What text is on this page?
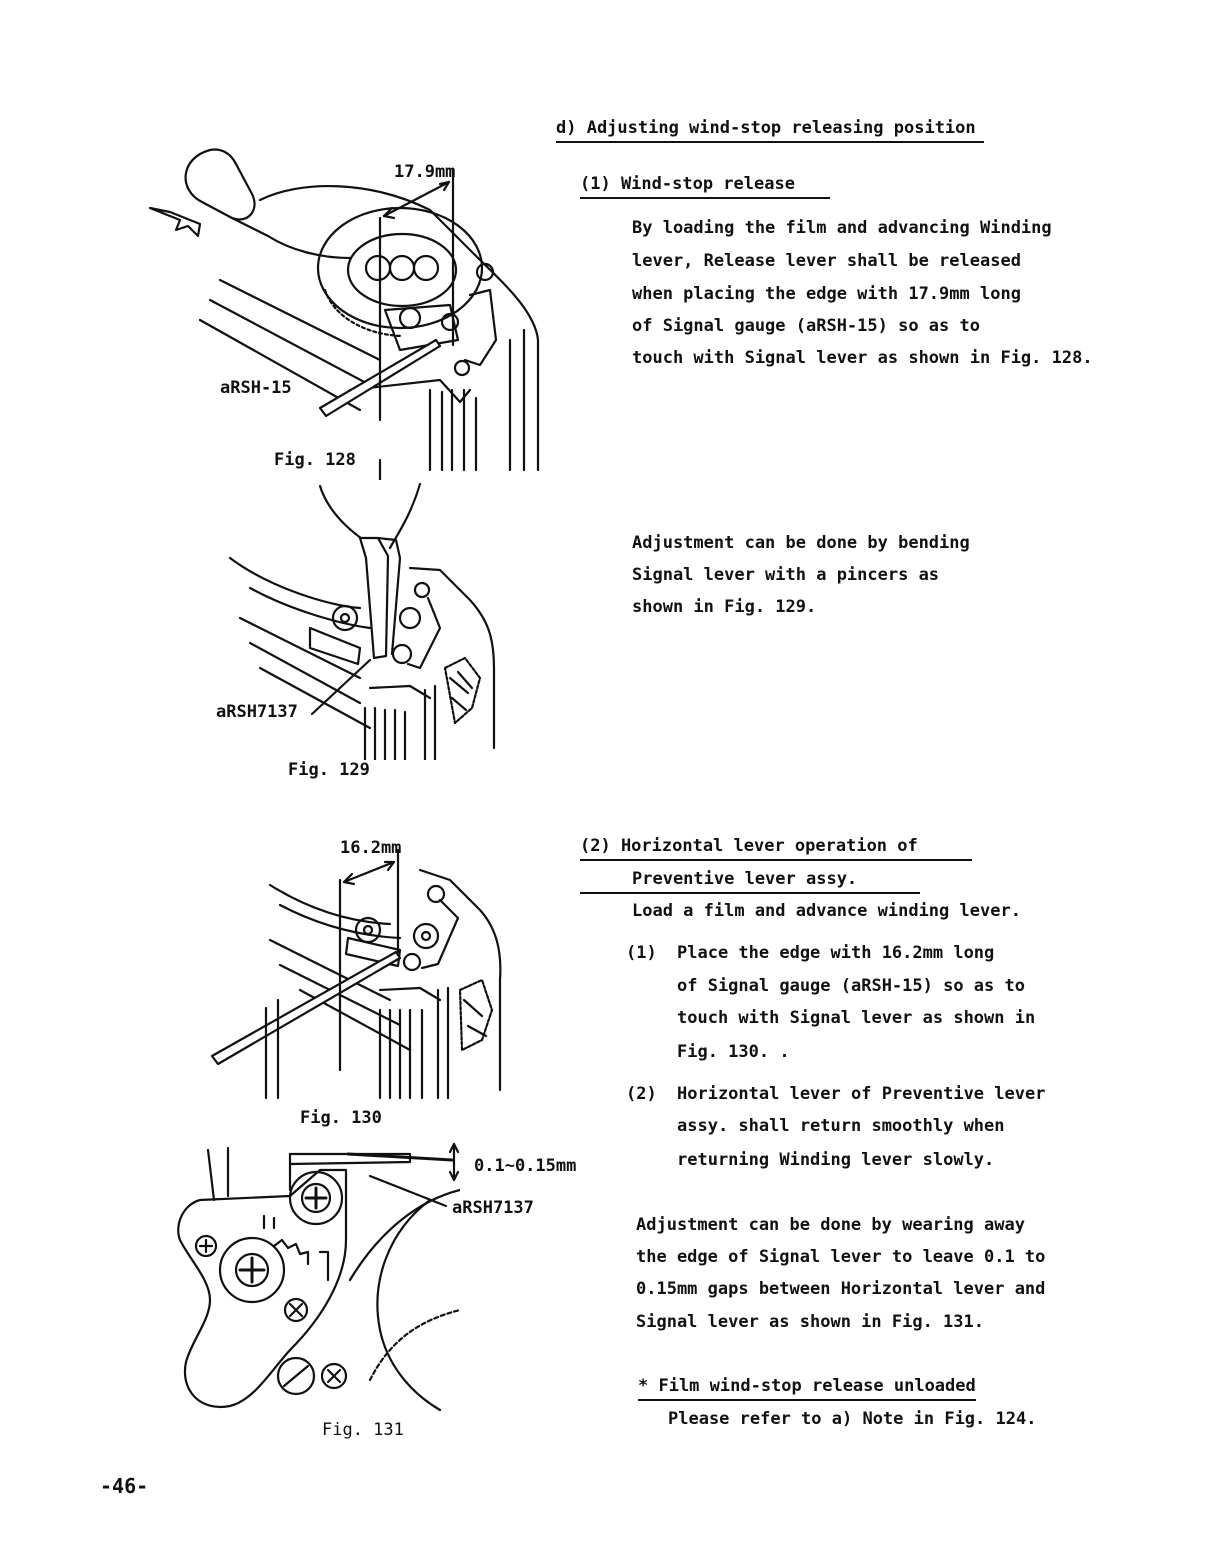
d) Adjusting wind-stop releasing position
(1) Wind-stop release
By loading the film and advancing Winding
lever, Release lever shall be released
when placing the edge with 17.9mm long
of Signal gauge (aRSH-15) so as to
touch with Signal lever as shown in Fig. 128.
Adjustment can be done by bending
Signal lever with a pincers as
shown in Fig. 129.
(2) Horizontal lever operation of
Preventive lever assy.
Load a film and advance winding lever.
(1) Place the edge with 16.2mm long
of Signal gauge (aRSH-15) so as to
touch with Signal lever as shown in
Fig. 130. .
(2) Horizontal lever of Preventive lever
assy. shall return smoothly when
returning Winding lever slowly.
Adjustment can be done by wearing away
the edge of Signal lever to leave 0.1 to
0.15mm gaps between Horizontal lever and
Signal lever as shown in Fig. 131.
* Film wind-stop release unloaded
Please refer to a) Note in Fig. 124.
17.9mm
aRSH-15
Fig. 128
aRSH7137
Fig. 129
16.2mm
Fig. 130
0.1~0.15mm
aRSH7137
Fig. 131
-46-
